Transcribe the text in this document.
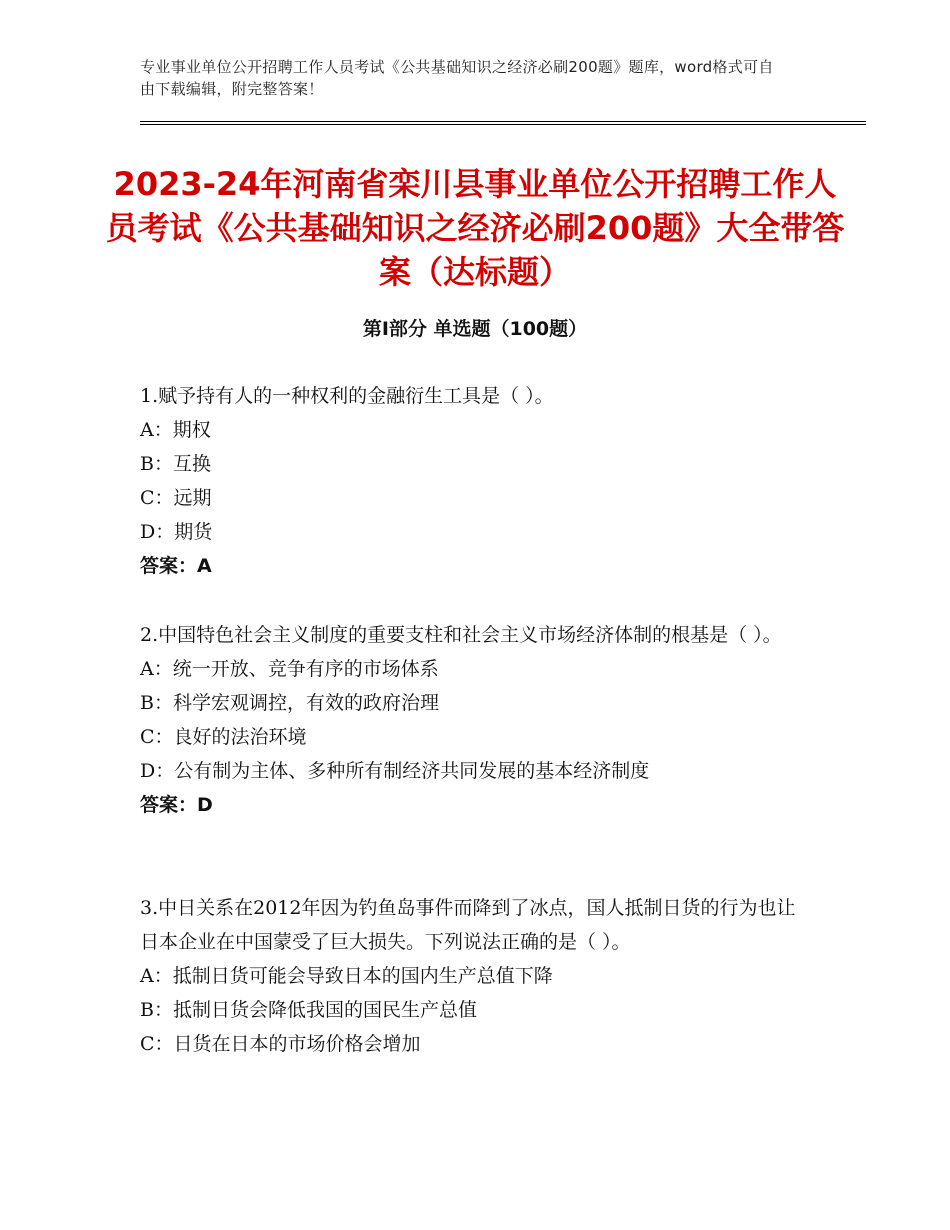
专业事业单位公开招聘工作人员考试《公共基础知识之经济必刷200题》题库，word格式可自由下载编辑，附完整答案！
2023-24年河南省栾川县事业单位公开招聘工作人员考试《公共基础知识之经济必刷200题》大全带答案（达标题）
第Ⅰ部分 单选题（100题）

1.赋予持有人的一种权利的金融衍生工具是（ ）。

A：期权

B：互换

C：远期

D：期货

答案：A

2.中国特色社会主义制度的重要支柱和社会主义市场经济体制的根基是（ ）。

A：统一开放、竞争有序的市场体系

B：科学宏观调控，有效的政府治理

C：良好的法治环境

D：公有制为主体、多种所有制经济共同发展的基本经济制度

答案：D

3.中日关系在2012年因为钓鱼岛事件而降到了冰点，国人抵制日货的行为也让日本企业在中国蒙受了巨大损失。下列说法正确的是（ ）。

A：抵制日货可能会导致日本的国内生产总值下降

B：抵制日货会降低我国的国民生产总值

C：日货在日本的市场价格会增加
